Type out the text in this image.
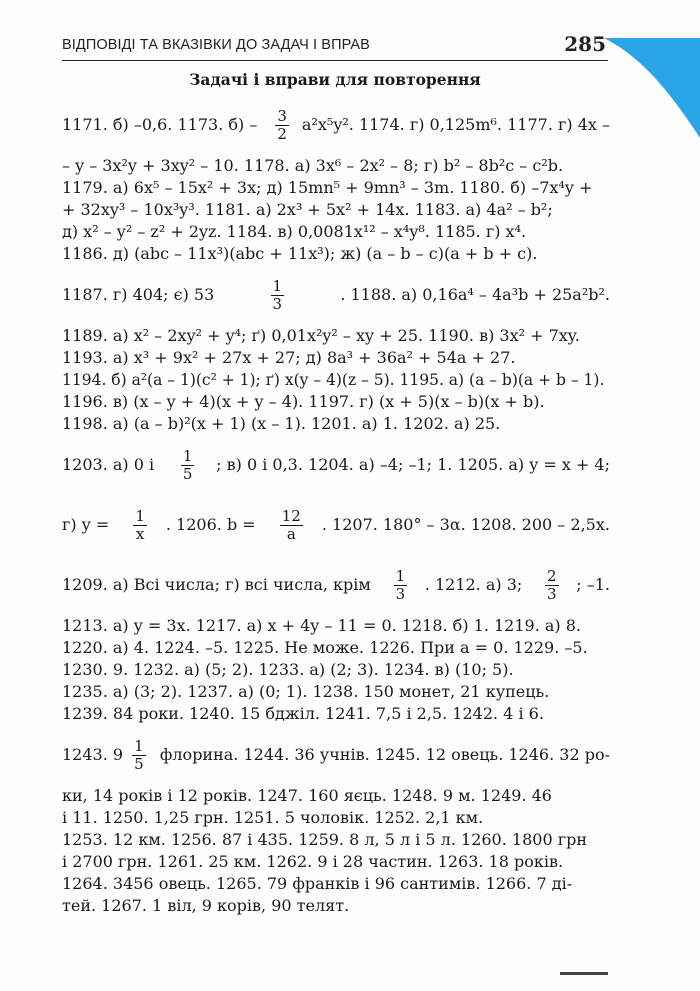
ВІДПОВІДІ ТА ВКАЗІВКИ ДО ЗАДАЧ І ВПРАВ	285
Задачі і вправи для повторення
1171. б) –0,6. 1173. $б) - \frac{3}{2} a^2x^5y^2$. 1174. г) 0,125m⁶. 1177. г) 4x –
– y – 3x²y + 3xy² – 10. 1178. а) 3x⁶ – 2x² – 8; г) b² – 8b²c – c²b.
1179. а) 6x⁵ – 15x² + 3x; д) 15mn⁵ + 9mn³ – 3m. 1180. б) –7x⁴y +
+ 32xy³ – 10x³y³. 1181. а) 2x³ + 5x² + 14x. 1183. а) 4a² – b²;
д) x² – y² – z² + 2yz. 1184. в) 0,0081x¹² – x⁴y⁸. 1185. г) x⁴.
1186. д) (abc – 11x³)(abc + 11x³); ж) (a – b – c)(a + b + c).
1187. г) 404; є) 53	$\frac{1}{3}$	. 1188. а) 0,16a⁴ – 4a³b + 25a²b².
1189. а) x² – 2xy² + y⁴; ґ) 0,01x²y² – xy + 25. 1190. в) 3x² + 7xy.
1193. а) x³ + 9x² + 27x + 27; д) 8a³ + 36a² + 54a + 27.
1194. б) a²(a – 1)(c² + 1); ґ) x(y – 4)(z – 5). 1195. а) (a – b)(a + b – 1).
1196. в) (x – y + 4)(x + y – 4). 1197. г) (x + 5)(x – b)(x + b).
1198. а) (a – b)²(x + 1) (x – 1). 1201. а) 1. 1202. а) 25.
1203. а) 0 і $\frac{1}{5}$ ; в) 0 і 0,3. 1204. а) –4; –1; 1. 1205. а) y = x + 4;
г) $y = \frac{1}{x}$ . 1206. $b = \frac{12}{a}$ . 1207. 180° – 3α. 1208. 200 – 2,5x.
1209. а) Всі числа; г) всі числа, крім $\frac{1}{3}$ . 1212. а) 3; $\frac{2}{3}$ ; –1.
1213. а) y = 3x. 1217. а) x + 4y – 11 = 0. 1218. б) 1. 1219. а) 8.
1220. а) 4. 1224. –5. 1225. Не може. 1226. При a = 0. 1229. –5.
1230. 9. 1232. а) (5; 2). 1233. а) (2; 3). 1234. в) (10; 5).
1235. а) (3; 2). 1237. а) (0; 1). 1238. 150 монет, 21 купець.
1239. 84 роки. 1240. 15 бджіл. 1241. 7,5 і 2,5. 1242. 4 і 6.
1243. $9 \frac{1}{5}$ флорина. 1244. 36 учнів. 1245. 12 овець. 1246. 32 ро-
ки, 14 років і 12 років. 1247. 160 яєць. 1248. 9 м. 1249. 46
і 11. 1250. 1,25 грн. 1251. 5 чоловік. 1252. 2,1 км.
1253. 12 км. 1256. 87 і 435. 1259. 8 л, 5 л і 5 л. 1260. 1800 грн
і 2700 грн. 1261. 25 км. 1262. 9 і 28 частин. 1263. 18 років.
1264. 3456 овець. 1265. 79 франків і 96 сантимів. 1266. 7 ді-
тей. 1267. 1 віл, 9 корів, 90 телят.
